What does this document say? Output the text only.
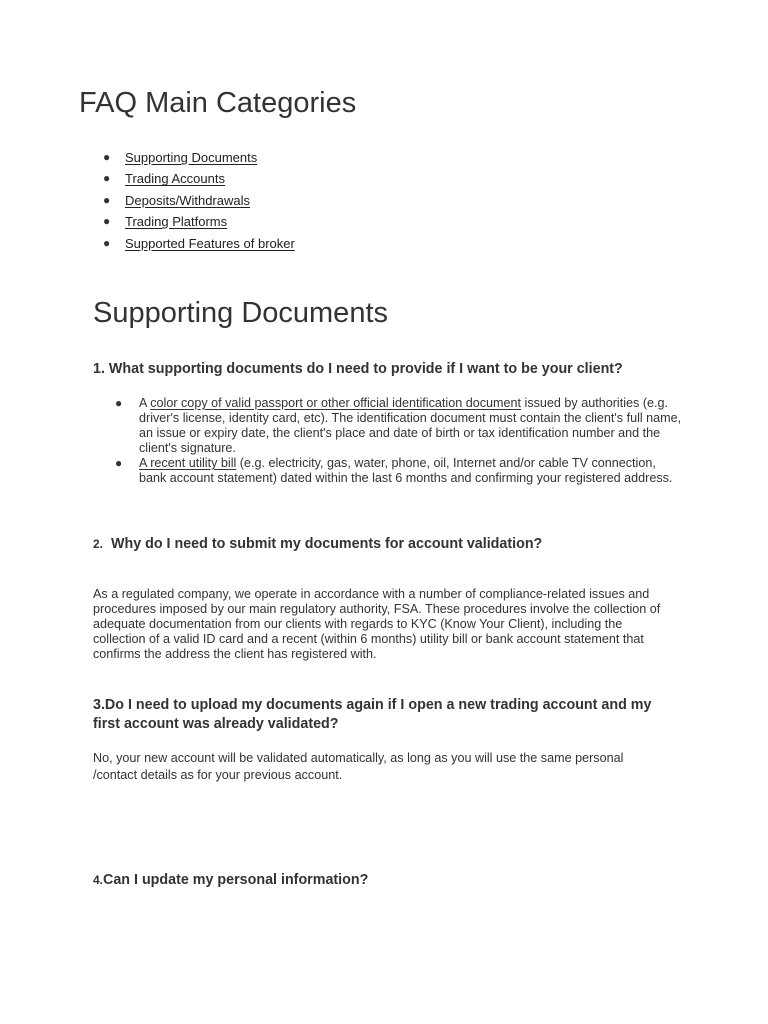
FAQ Main Categories
● Supporting Documents
● Trading Accounts
● Deposits/Withdrawals
● Trading Platforms
● Supported Features of broker
Supporting Documents
1. What supporting documents do I need to provide if I want to be your client?
● A color copy of valid passport or other official identification document issued by authorities (e.g. driver's license, identity card, etc). The identification document must contain the client's full name, an issue or expiry date, the client's place and date of birth or tax identification number and the client's signature.
● A recent utility bill (e.g. electricity, gas, water, phone, oil, Internet and/or cable TV connection, bank account statement) dated within the last 6 months and confirming your registered address.
2. Why do I need to submit my documents for account validation?

As a regulated company, we operate in accordance with a number of compliance-related issues and procedures imposed by our main regulatory authority, FSA. These procedures involve the collection of adequate documentation from our clients with regards to KYC (Know Your Client), including the collection of a valid ID card and a recent (within 6 months) utility bill or bank account statement that confirms the address the client has registered with.

3.Do I need to upload my documents again if I open a new trading account and my first account was already validated?

No, your new account will be validated automatically, as long as you will use the same personal /contact details as for your previous account.

4.Can I update my personal information?
